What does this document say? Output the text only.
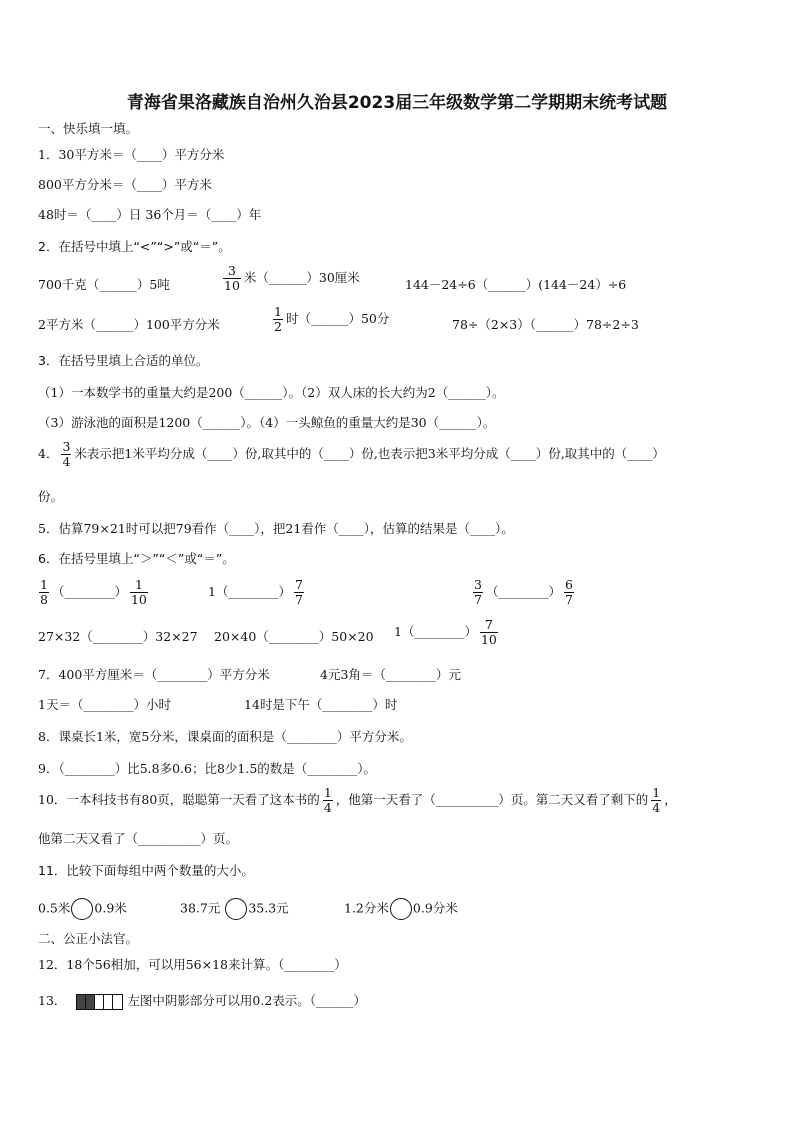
青海省果洛藏族自治州久治县2023届三年级数学第二学期期末统考试题
一、快乐填一填。
1．30平方米＝（____）平方分米
800平方分米＝（____）平方米
48时＝（____）日 36个月＝（____）年
2．在括号中填上“<”“>”或“＝”。
700千克（______）5吨	$\frac{3}{10}$ 米（______）30厘米	144－24÷6（______）(144－24）÷6
2平方米（______）100平方分米	$\frac{1}{2}$ 时（______）50分	78÷（2×3）（______）78÷2÷3
3．在括号里填上合适的单位。
（1）一本数学书的重量大约是200（______）。（2）双人床的长大约为2（______）。
（3）游泳池的面积是1200（______）。（4）一头鲸鱼的重量大约是30（______）。
4． $\frac{3}{4}$ 米表示把1米平均分成（____）份,取其中的（____）份,也表示把3米平均分成（____）份,取其中的（____）
份。
5．估算79×21时可以把79看作（____），把21看作（____），估算的结果是（____）。
6．在括号里填上“＞”“＜”或“＝”。
$\frac{1}{8}$ （________） $\frac{1}{10}$	1（________） $\frac{7}{7}$	$\frac{3}{7}$ （________） $\frac{6}{7}$
27×32（________）32×27 20×40（________）50×20 1（________） $\frac{7}{10}$
7．400平方厘米＝（________）平方分米	4元3角＝（________）元
1天＝（________）小时	14时是下午（________）时
8．课桌长1米，宽5分米，课桌面的面积是（________）平方分米。
9．（________）比5.8多0.6；比8少1.5的数是（________）。
10．一本科技书有80页，聪聪第一天看了这本书的 $\frac{1}{4}$ ，他第一天看了（__________）页。第二天又看了剩下的 $\frac{1}{4}$ ，
他第二天又看了（__________）页。
11．比较下面每组中两个数量的大小。
0.5米 0.9米	38.7元 35.3元	1.2分米 0.9分米
二、公正小法官。
12．18个56相加，可以用56×18来计算。（________）
13．	左图中阴影部分可以用0.2表示。（______）
